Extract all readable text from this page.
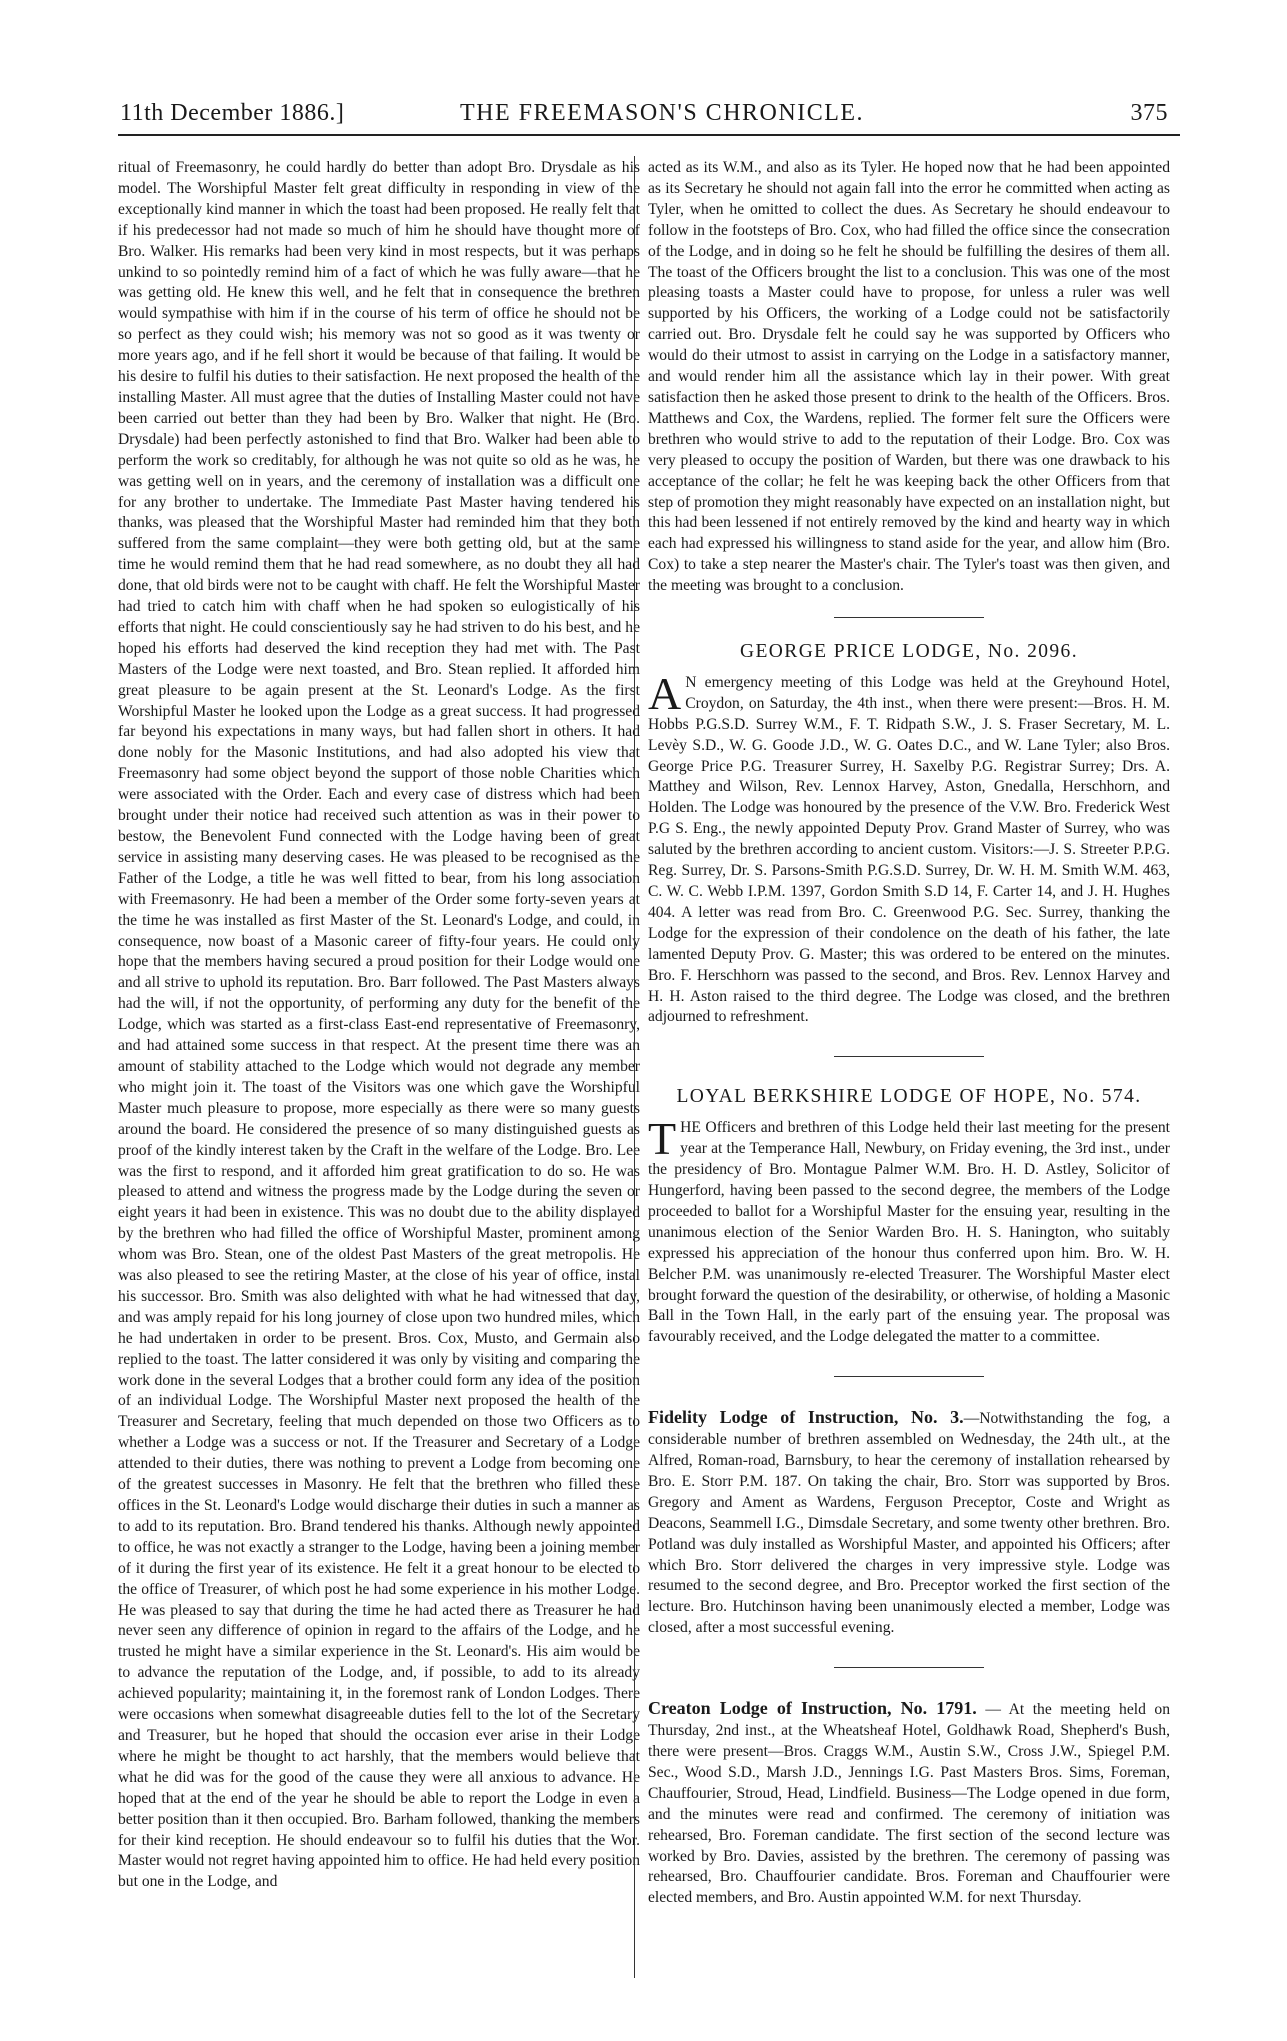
11th December 1886.]	THE FREEMASON'S CHRONICLE.	375

ritual of Freemasonry, he could hardly do better than adopt Bro. Drysdale as his model. The Worshipful Master felt great difficulty in responding in view of the exceptionally kind manner in which the toast had been proposed. He really felt that if his predecessor had not made so much of him he should have thought more of Bro. Walker. His remarks had been very kind in most respects, but it was perhaps unkind to so pointedly remind him of a fact of which he was fully aware—that he was getting old. He knew this well, and he felt that in consequence the brethren would sympathise with him if in the course of his term of office he should not be so perfect as they could wish; his memory was not so good as it was twenty or more years ago, and if he fell short it would be because of that failing. It would be his desire to fulfil his duties to their satisfaction. He next proposed the health of the installing Master. All must agree that the duties of Installing Master could not have been carried out better than they had been by Bro. Walker that night. He (Bro. Drysdale) had been perfectly astonished to find that Bro. Walker had been able to perform the work so creditably, for although he was not quite so old as he was, he was getting well on in years, and the ceremony of installation was a difficult one for any brother to undertake. The Immediate Past Master having tendered his thanks, was pleased that the Worshipful Master had reminded him that they both suffered from the same complaint—they were both getting old, but at the same time he would remind them that he had read somewhere, as no doubt they all had done, that old birds were not to be caught with chaff. He felt the Worshipful Master had tried to catch him with chaff when he had spoken so eulogistically of his efforts that night. He could conscientiously say he had striven to do his best, and he hoped his efforts had deserved the kind reception they had met with. The Past Masters of the Lodge were next toasted, and Bro. Stean replied. It afforded him great pleasure to be again present at the St. Leonard's Lodge. As the first Worshipful Master he looked upon the Lodge as a great success. It had progressed far beyond his expectations in many ways, but had fallen short in others. It had done nobly for the Masonic Institutions, and had also adopted his view that Freemasonry had some object beyond the support of those noble Charities which were associated with the Order. Each and every case of distress which had been brought under their notice had received such attention as was in their power to bestow, the Benevolent Fund connected with the Lodge having been of great service in assisting many deserving cases. He was pleased to be recognised as the Father of the Lodge, a title he was well fitted to bear, from his long association with Freemasonry. He had been a member of the Order some forty-seven years at the time he was installed as first Master of the St. Leonard's Lodge, and could, in consequence, now boast of a Masonic career of fifty-four years. He could only hope that the members having secured a proud position for their Lodge would one and all strive to uphold its reputation. Bro. Barr followed. The Past Masters always had the will, if not the opportunity, of performing any duty for the benefit of the Lodge, which was started as a first-class East-end representative of Freemasonry, and had attained some success in that respect. At the present time there was an amount of stability attached to the Lodge which would not degrade any member who might join it. The toast of the Visitors was one which gave the Worshipful Master much pleasure to propose, more especially as there were so many guests around the board. He considered the presence of so many distinguished guests as proof of the kindly interest taken by the Craft in the welfare of the Lodge. Bro. Lee was the first to respond, and it afforded him great gratification to do so. He was pleased to attend and witness the progress made by the Lodge during the seven or eight years it had been in existence. This was no doubt due to the ability displayed by the brethren who had filled the office of Worshipful Master, prominent among whom was Bro. Stean, one of the oldest Past Masters of the great metropolis. He was also pleased to see the retiring Master, at the close of his year of office, instal his successor. Bro. Smith was also delighted with what he had witnessed that day, and was amply repaid for his long journey of close upon two hundred miles, which he had undertaken in order to be present. Bros. Cox, Musto, and Germain also replied to the toast. The latter considered it was only by visiting and comparing the work done in the several Lodges that a brother could form any idea of the position of an individual Lodge. The Worshipful Master next proposed the health of the Treasurer and Secretary, feeling that much depended on those two Officers as to whether a Lodge was a success or not. If the Treasurer and Secretary of a Lodge attended to their duties, there was nothing to prevent a Lodge from becoming one of the greatest successes in Masonry. He felt that the brethren who filled these offices in the St. Leonard's Lodge would discharge their duties in such a manner as to add to its reputation. Bro. Brand tendered his thanks. Although newly appointed to office, he was not exactly a stranger to the Lodge, having been a joining member of it during the first year of its existence. He felt it a great honour to be elected to the office of Treasurer, of which post he had some experience in his mother Lodge. He was pleased to say that during the time he had acted there as Treasurer he had never seen any difference of opinion in regard to the affairs of the Lodge, and he trusted he might have a similar experience in the St. Leonard's. His aim would be to advance the reputation of the Lodge, and, if possible, to add to its already achieved popularity; maintaining it, in the foremost rank of London Lodges. There were occasions when somewhat disagreeable duties fell to the lot of the Secretary and Treasurer, but he hoped that should the occasion ever arise in their Lodge where he might be thought to act harshly, that the members would believe that what he did was for the good of the cause they were all anxious to advance. He hoped that at the end of the year he should be able to report the Lodge in even a better position than it then occupied. Bro. Barham followed, thanking the members for their kind reception. He should endeavour so to fulfil his duties that the Wor. Master would not regret having appointed him to office. He had held every position but one in the Lodge, and

acted as its W.M., and also as its Tyler. He hoped now that he had been appointed as its Secretary he should not again fall into the error he committed when acting as Tyler, when he omitted to collect the dues. As Secretary he should endeavour to follow in the footsteps of Bro. Cox, who had filled the office since the consecration of the Lodge, and in doing so he felt he should be fulfilling the desires of them all. The toast of the Officers brought the list to a conclusion. This was one of the most pleasing toasts a Master could have to propose, for unless a ruler was well supported by his Officers, the working of a Lodge could not be satisfactorily carried out. Bro. Drysdale felt he could say he was supported by Officers who would do their utmost to assist in carrying on the Lodge in a satisfactory manner, and would render him all the assistance which lay in their power. With great satisfaction then he asked those present to drink to the health of the Officers. Bros. Matthews and Cox, the Wardens, replied. The former felt sure the Officers were brethren who would strive to add to the reputation of their Lodge. Bro. Cox was very pleased to occupy the position of Warden, but there was one drawback to his acceptance of the collar; he felt he was keeping back the other Officers from that step of promotion they might reasonably have expected on an installation night, but this had been lessened if not entirely removed by the kind and hearty way in which each had expressed his willingness to stand aside for the year, and allow him (Bro. Cox) to take a step nearer the Master's chair. The Tyler's toast was then given, and the meeting was brought to a conclusion.

GEORGE PRICE LODGE, No. 2096.

A N emergency meeting of this Lodge was held at the Greyhound Hotel, Croydon, on Saturday, the 4th inst., when there were present:—Bros. H. M. Hobbs P.G.S.D. Surrey W.M., F. T. Ridpath S.W., J. S. Fraser Secretary, M. L. Levèy S.D., W. G. Goode J.D., W. G. Oates D.C., and W. Lane Tyler; also Bros. George Price P.G. Treasurer Surrey, H. Saxelby P.G. Registrar Surrey; Drs. A. Matthey and Wilson, Rev. Lennox Harvey, Aston, Gnedalla, Herschhorn, and Holden. The Lodge was honoured by the presence of the V.W. Bro. Frederick West P.G S. Eng., the newly appointed Deputy Prov. Grand Master of Surrey, who was saluted by the brethren according to ancient custom. Visitors:—J. S. Streeter P.P.G. Reg. Surrey, Dr. S. Parsons-Smith P.G.S.D. Surrey, Dr. W. H. M. Smith W.M. 463, C. W. C. Webb I.P.M. 1397, Gordon Smith S.D 14, F. Carter 14, and J. H. Hughes 404. A letter was read from Bro. C. Greenwood P.G. Sec. Surrey, thanking the Lodge for the expression of their condolence on the death of his father, the late lamented Deputy Prov. G. Master; this was ordered to be entered on the minutes. Bro. F. Herschhorn was passed to the second, and Bros. Rev. Lennox Harvey and H. H. Aston raised to the third degree. The Lodge was closed, and the brethren adjourned to refreshment.

LOYAL BERKSHIRE LODGE OF HOPE, No. 574.

THE Officers and brethren of this Lodge held their last meeting for the present year at the Temperance Hall, Newbury, on Friday evening, the 3rd inst., under the presidency of Bro. Montague Palmer W.M. Bro. H. D. Astley, Solicitor of Hungerford, having been passed to the second degree, the members of the Lodge proceeded to ballot for a Worshipful Master for the ensuing year, resulting in the unanimous election of the Senior Warden Bro. H. S. Hanington, who suitably expressed his appreciation of the honour thus conferred upon him. Bro. W. H. Belcher P.M. was unanimously re-elected Treasurer. The Worshipful Master elect brought forward the question of the desirability, or otherwise, of holding a Masonic Ball in the Town Hall, in the early part of the ensuing year. The proposal was favourably received, and the Lodge delegated the matter to a committee.

Fidelity Lodge of Instruction, No. 3.—Notwithstanding the fog, a considerable number of brethren assembled on Wednesday, the 24th ult., at the Alfred, Roman-road, Barnsbury, to hear the ceremony of installation rehearsed by Bro. E. Storr P.M. 187. On taking the chair, Bro. Storr was supported by Bros. Gregory and Ament as Wardens, Ferguson Preceptor, Coste and Wright as Deacons, Seammell I.G., Dimsdale Secretary, and some twenty other brethren. Bro. Potland was duly installed as Worshipful Master, and appointed his Officers; after which Bro. Storr delivered the charges in very impressive style. Lodge was resumed to the second degree, and Bro. Preceptor worked the first section of the lecture. Bro. Hutchinson having been unanimously elected a member, Lodge was closed, after a most successful evening.

Creaton Lodge of Instruction, No. 1791. — At the meeting held on Thursday, 2nd inst., at the Wheatsheaf Hotel, Goldhawk Road, Shepherd's Bush, there were present—Bros. Craggs W.M., Austin S.W., Cross J.W., Spiegel P.M. Sec., Wood S.D., Marsh J.D., Jennings I.G. Past Masters Bros. Sims, Foreman, Chauffourier, Stroud, Head, Lindfield. Business—The Lodge opened in due form, and the minutes were read and confirmed. The ceremony of initiation was rehearsed, Bro. Foreman candidate. The first section of the second lecture was worked by Bro. Davies, assisted by the brethren. The ceremony of passing was rehearsed, Bro. Chauffourier candidate. Bros. Foreman and Chauffourier were elected members, and Bro. Austin appointed W.M. for next Thursday.
